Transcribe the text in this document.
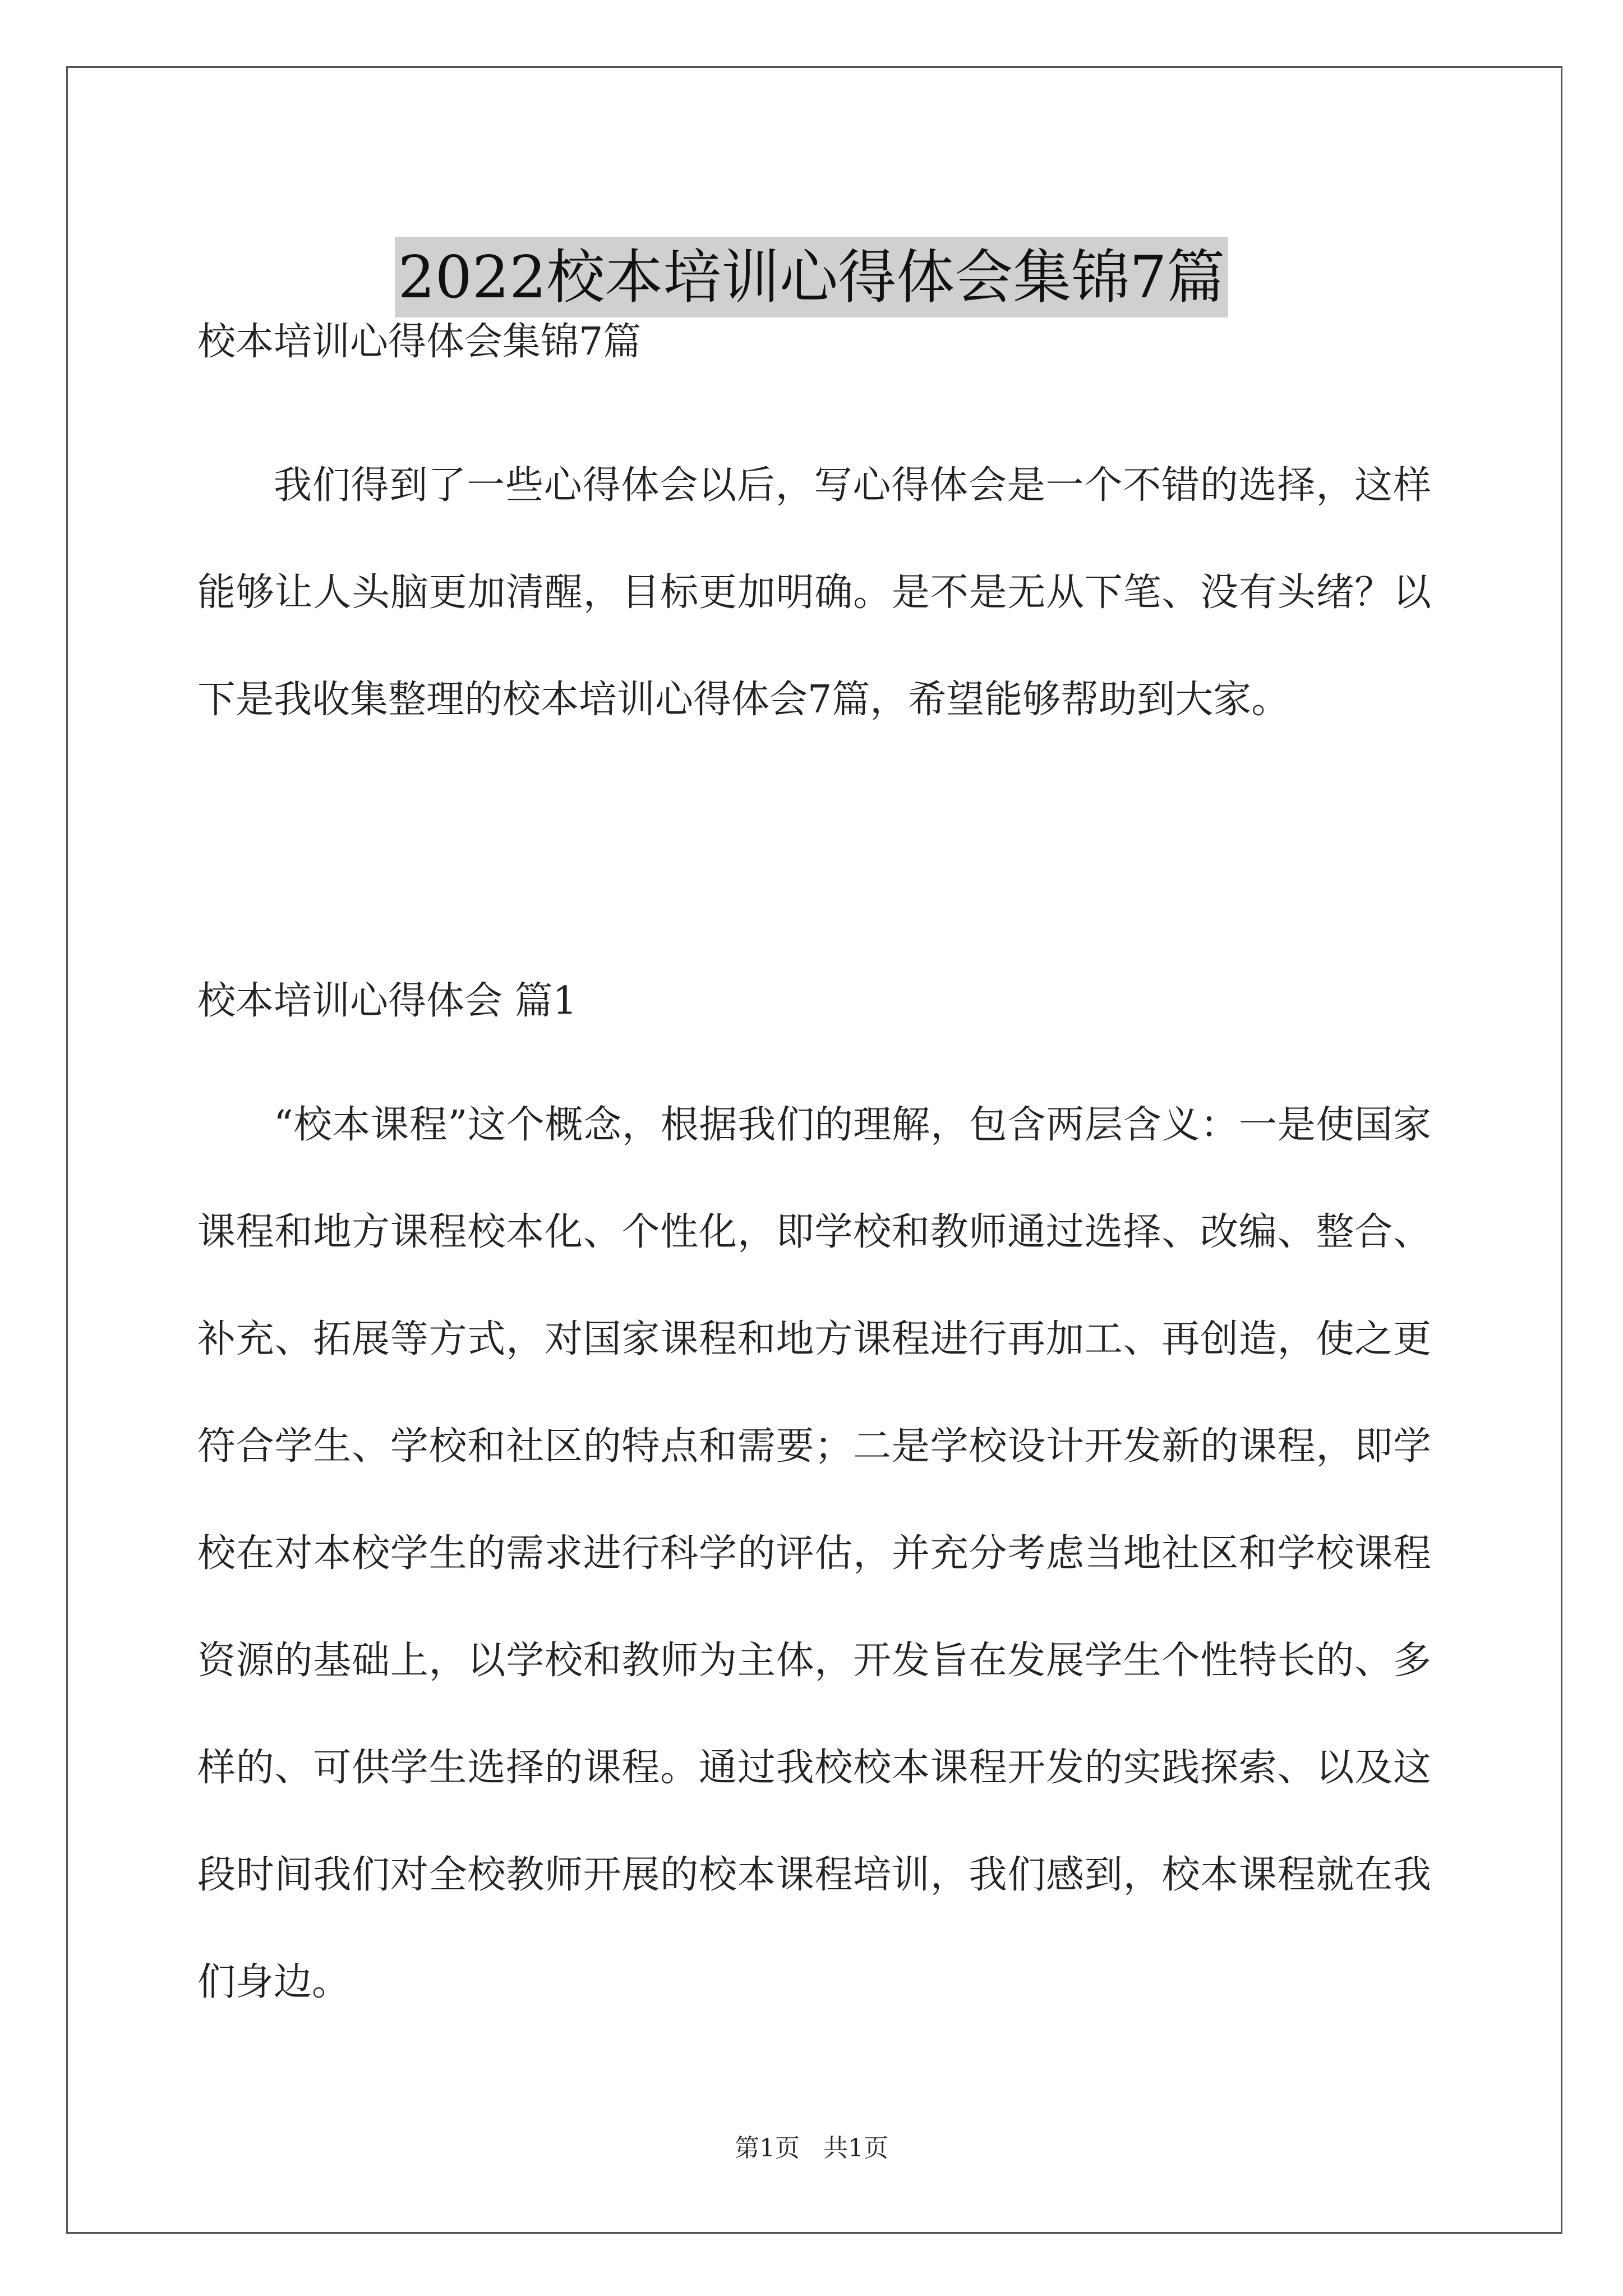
2022校本培训心得体会集锦7篇
校本培训心得体会集锦7篇

我们得到了一些心得体会以后，写心得体会是一个不错的选择，这样能够让人头脑更加清醒，目标更加明确。是不是无从下笔、没有头绪？以下是我收集整理的校本培训心得体会7篇，希望能够帮助到大家。

校本培训心得体会 篇1

“校本课程”这个概念，根据我们的理解，包含两层含义：一是使国家课程和地方课程校本化、个性化，即学校和教师通过选择、改编、整合、补充、拓展等方式，对国家课程和地方课程进行再加工、再创造，使之更符合学生、学校和社区的特点和需要；二是学校设计开发新的课程，即学校在对本校学生的需求进行科学的评估，并充分考虑当地社区和学校课程资源的基础上，以学校和教师为主体，开发旨在发展学生个性特长的、多样的、可供学生选择的课程。通过我校校本课程开发的实践探索、以及这段时间我们对全校教师开展的校本课程培训，我们感到，校本课程就在我们身边。

第1页 共1页
